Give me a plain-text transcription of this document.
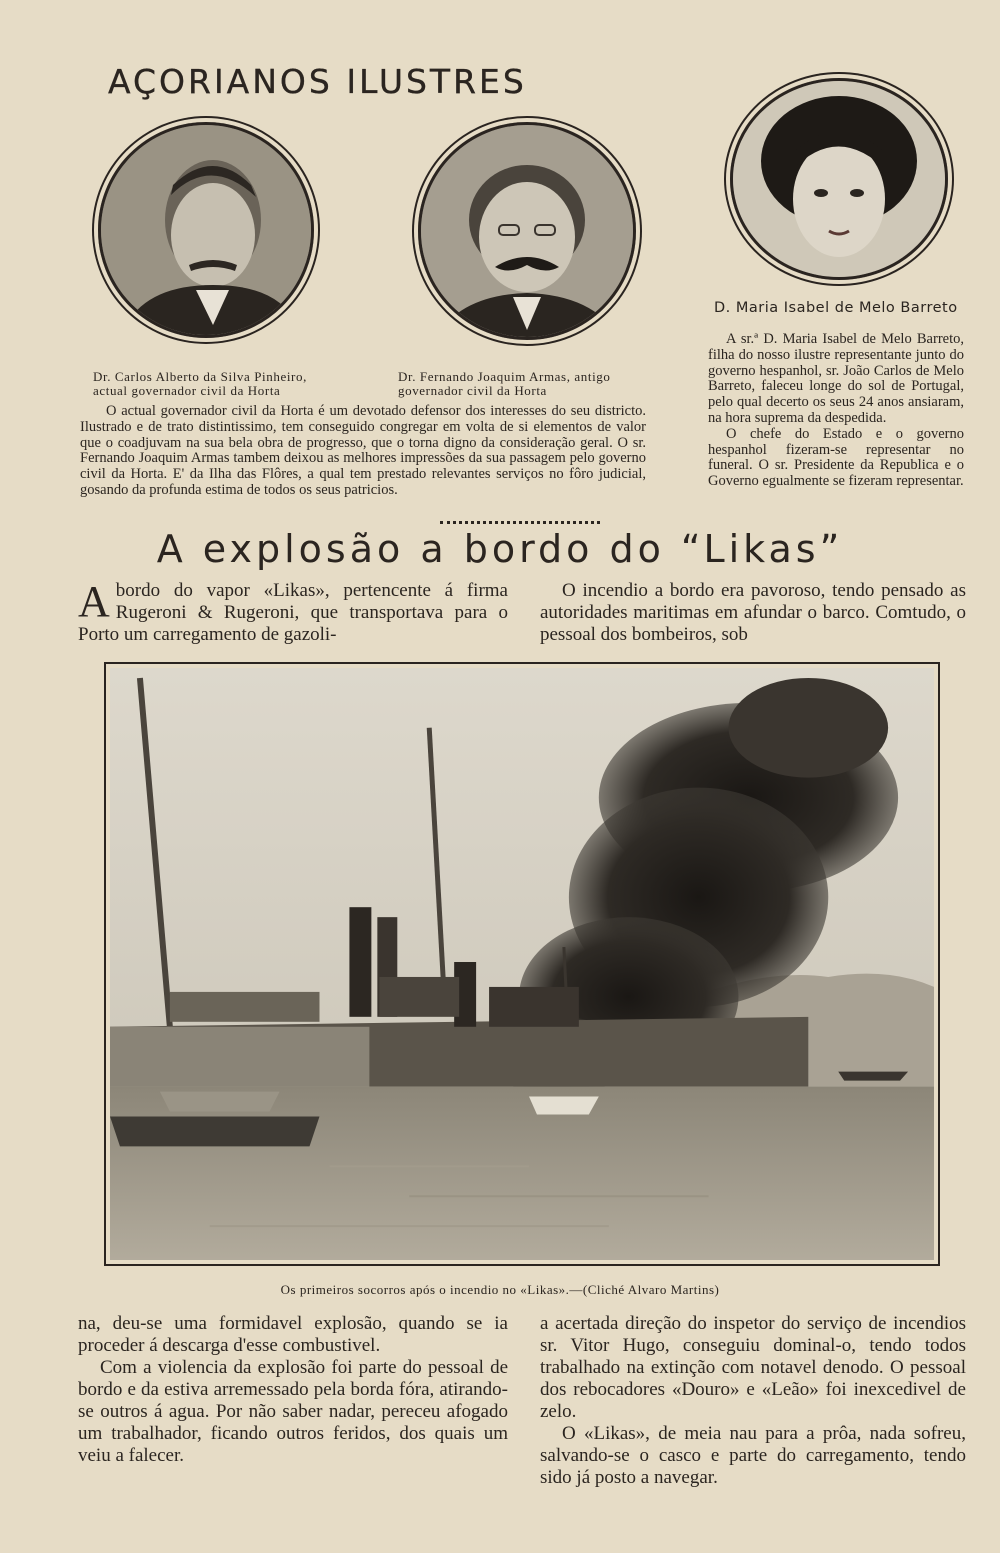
AÇORIANOS ILUSTRES
Dr. Carlos Alberto da Silva Pinheiro, actual governador civil da Horta
Dr. Fernando Joaquim Armas, antigo governador civil da Horta
O actual governador civil da Horta é um devotado defensor dos interesses do seu districto. Ilustrado e de trato distintissimo, tem conseguido congregar em volta de si elementos de valor que o coadjuvam na sua bela obra de progresso, que o torna digno da consideração geral. O sr. Fernando Joaquim Armas tambem deixou as melhores impressões da sua passagem pelo governo civil da Horta. E' da Ilha das Flôres, a qual tem prestado relevantes serviços no fôro judicial, gosando da profunda estima de todos os seus patricios.
D. Maria Isabel de Melo Barreto
A sr.ª D. Maria Isabel de Melo Barreto, filha do nosso ilustre representante junto do governo hespanhol, sr. João Carlos de Melo Barreto, faleceu longe do sol de Portugal, pelo qual decerto os seus 24 anos ansiaram, na hora suprema d⁠a despedida.
O chefe do Estado e o governo hespanhol fizeram-se representar no funeral. O sr. Presidente da Republica e o Governo egualmente se fizeram representar.
A explosão a bordo do “Likas”
A bordo do vapor «Likas», pertencente á firma Rugeroni & Rugeroni, que transportava para o Porto um carregamento de gazoli-
O incendio a bordo era pavoroso, tendo pensado as autoridades maritimas em afundar o barco. Comtudo, o pessoal dos bombeiros, sob
Os primeiros socorros após o incendio no «Likas».—(Cliché Alvaro Martins)

na, deu-se uma formidavel explosão, quando se ia proceder á descarga d'esse combustivel.

Com a violencia da explosão foi parte do pessoal de bordo e da estiva arremessado pela borda fóra, atirando-se outros á agua. Por não saber nadar, pereceu afogado um trabalhador, ficando outros feridos, dos quais um veiu a falecer.

a acertada direção do inspetor do serviço de incendios sr. Vitor Hugo, conseguiu dominal-o, tendo todos trabalhado na extinção com notavel denodo. O pessoal dos rebocadores «Douro» e «Leão» foi inexcedivel de zelo.

O «Likas», de meia nau para a prôa, nada sofreu, salvando-se o casco e parte do carregamento, tendo sido já posto a navegar.
